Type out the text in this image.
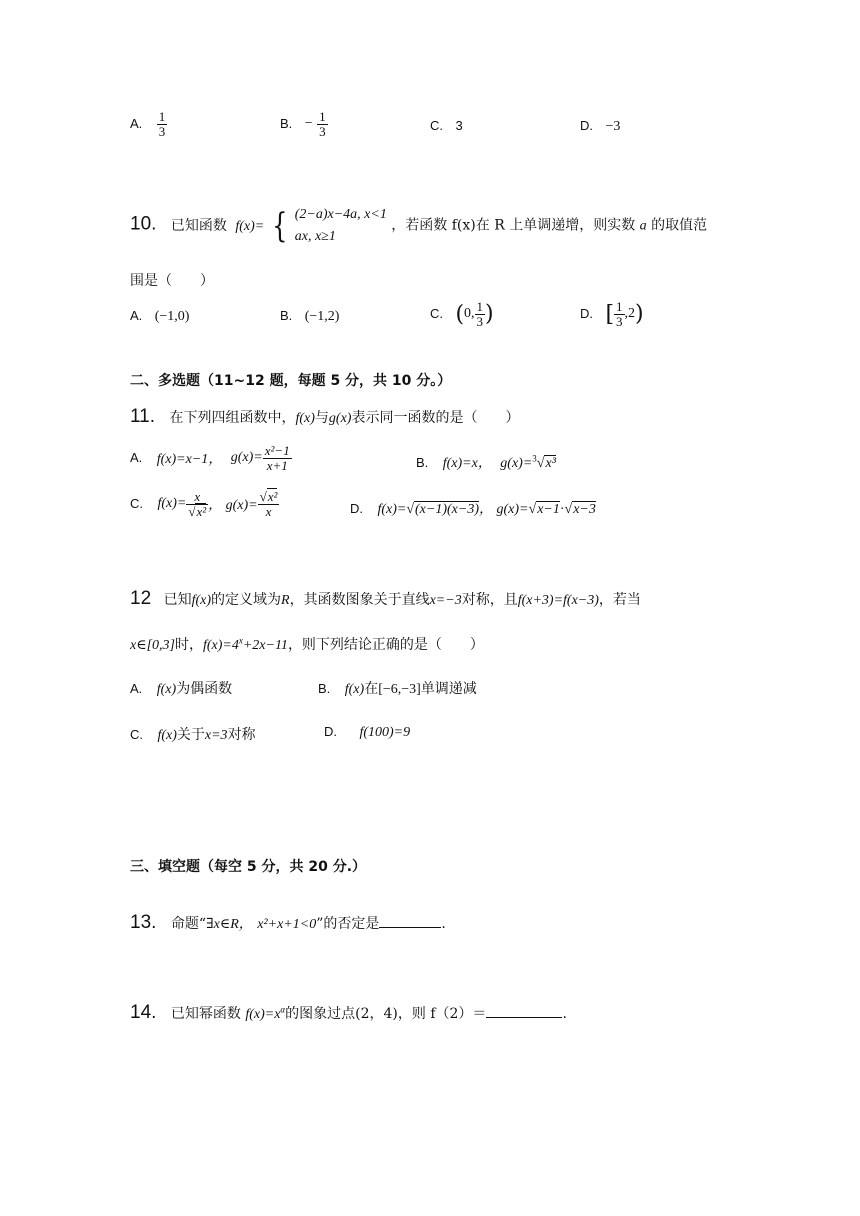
A. $\frac{1}{3}$	B. − $\frac{1}{3}$	C. 3	D. −3
10. 已知函数 f(x)= { (2−a)x−4a, x<1
ax, x≥1
，若函数 f(x)在 R 上单调递增，则实数 a 的取值范
围是（　　）
A. (−1,0)	B. (−1,2)	C. (0, $\frac{1}{3}$ )	D. [ $\frac{1}{3} ,2$)
二、多选题（11~12 题，每题 5 分，共 10 分。）
11. 在下列四组函数中，f(x)与g(x)表示同一函数的是（　　）
A. f(x)=x−1， $g(x)= \frac{\text{x²−1}}{x+1}$	B. f(x)=x， g(x)=$^3$√x³
C. $f(x)= \frac{x}{\text{√x²}}$ ， $g(x)= \frac{\text{√x²}}{x}$	D. f(x)=√(x−1)(x−3)， g(x)=√x−1·√x−3
12 已知f(x)的定义域为R，其函数图象关于直线x=−3对称，且f(x+3)=f(x−3)，若当
x∈[0,3]时，$f(x)=4^x+2x-11$，则下列结论正确的是（　　）
A. f(x)为偶函数	B. f(x)在[−6,−3]单调递减
C. f(x)关于x=3对称	D. f(100)=9
三、填空题（每空 5 分，共 20 分.）
13. 命题“∃x∈R， x²+x+1<0”的否定是	.
14. 已知幂函数 $f(x)=x^\alpha$的图象过点(2，4)，则 f（2）＝	.
